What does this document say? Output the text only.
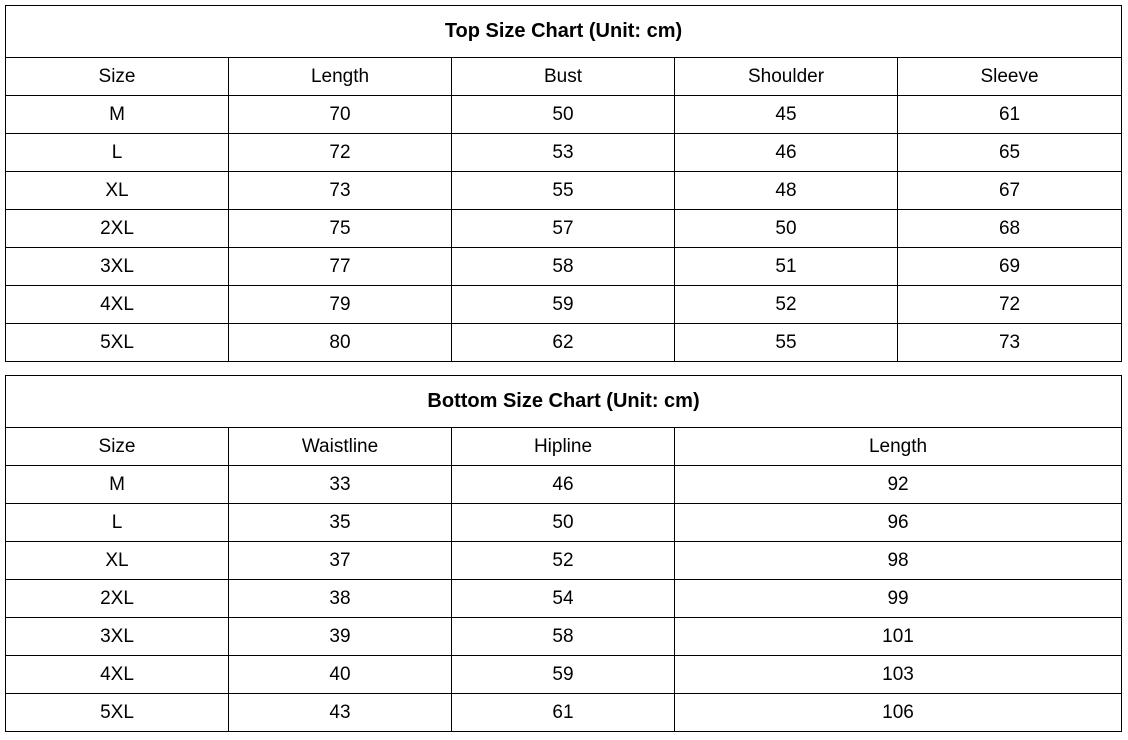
Top Size Chart (Unit: cm)				
Size	Length	Bust	Shoulder	Sleeve
M	70	50	45	61
L	72	53	46	65
XL	73	55	48	67
2XL	75	57	50	68
3XL	77	58	51	69
4XL	79	59	52	72
5XL	80	62	55	73
Bottom Size Chart (Unit: cm)			
Size	Waistline	Hipline	Length
M	33	46	92
L	35	50	96
XL	37	52	98
2XL	38	54	99
3XL	39	58	101
4XL	40	59	103
5XL	43	61	106
